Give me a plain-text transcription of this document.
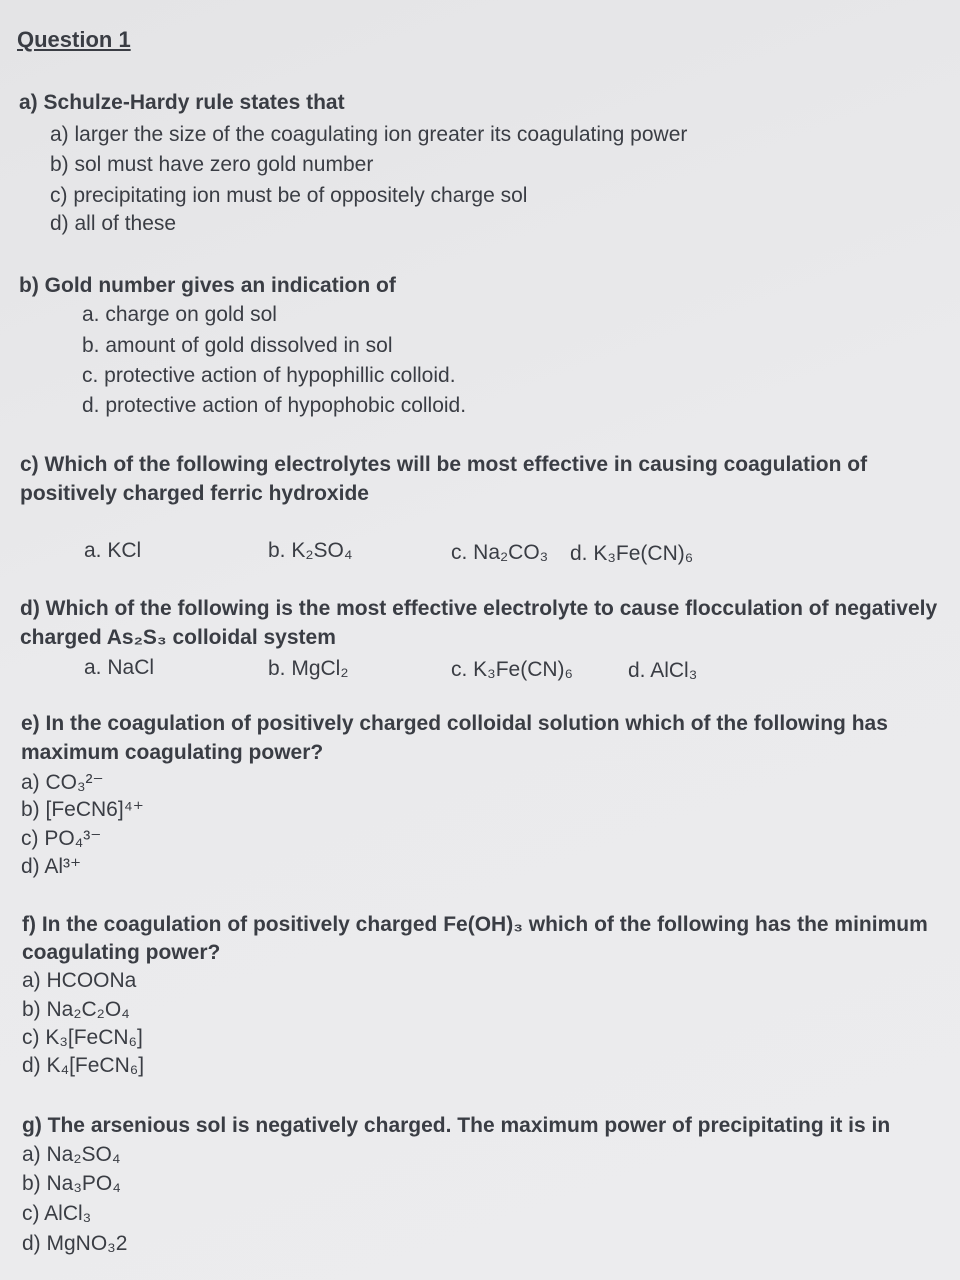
Question 1
a) Schulze-Hardy rule states that
a) larger the size of the coagulating ion greater its coagulating power
b) sol must have zero gold number
c) precipitating ion must be of oppositely charge sol
d) all of these
b) Gold number gives an indication of
a. charge on gold sol
b. amount of gold dissolved in sol
c. protective action of hypophillic colloid.
d. protective action of hypophobic colloid.
c) Which of the following electrolytes will be most effective in causing coagulation of
positively charged ferric hydroxide
a. KCl	b. K₂SO₄	c. Na₂CO₃ d. K₃Fe(CN)₆
d) Which of the following is the most effective electrolyte to cause flocculation of negatively
charged As₂S₃ colloidal system
a. NaCl	b. MgCl₂	c. K₃Fe(CN)₆	d. AlCl₃
e) In the coagulation of positively charged colloidal solution which of the following has
maximum coagulating power?
a) CO₃²⁻
b) [FeCN6]⁴⁺
c) PO₄³⁻
d) Al³⁺
f) In the coagulation of positively charged Fe(OH)₃ which of the following has the minimum
coagulating power?
a) HCOONa
b) Na₂C₂O₄
c) K₃[FeCN₆]
d) K₄[FeCN₆]
g) The arsenious sol is negatively charged. The maximum power of precipitating it is in
a) Na₂SO₄
b) Na₃PO₄
c) AlCl₃
d) MgNO₃2
